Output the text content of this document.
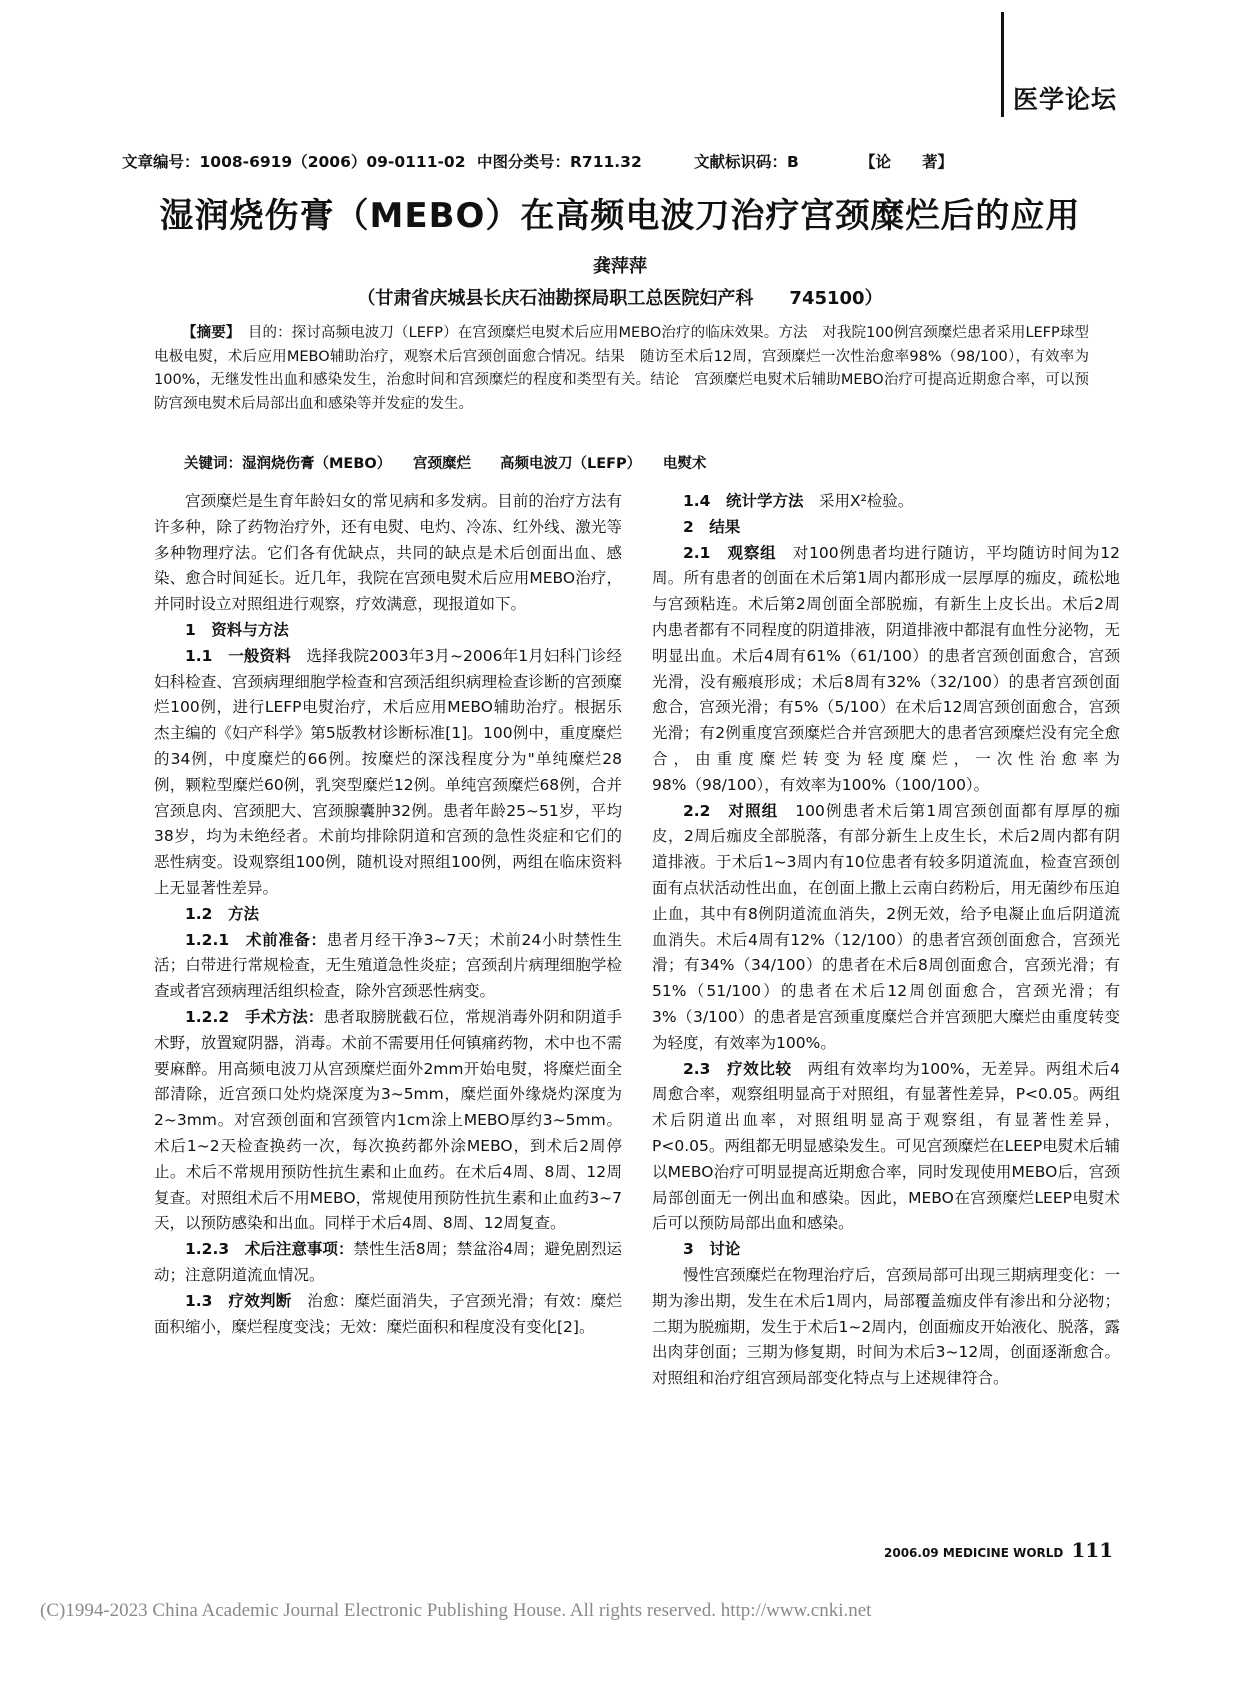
医学论坛
文章编号：1008-6919（2006）09-0111-02 中图分类号：R711.32	文献标识码：B	【论　　著】
湿润烧伤膏（MEBO）在高频电波刀治疗宫颈糜烂后的应用
龚萍萍
（甘肃省庆城县长庆石油勘探局职工总医院妇产科　　745100）

【摘要】　 目的：探讨高频电波刀（LEFP）在宫颈糜烂电熨术后应用MEBO治疗的临床效果。方法　对我院100例宫颈糜烂患者采用LEFP球型电极电熨，术后应用MEBO辅助治疗，观察术后宫颈创面愈合情况。结果　随访至术后12周，宫颈糜烂一次性治愈率98%（98/100），有效率为100%，无继发性出血和感染发生，治愈时间和宫颈糜烂的程度和类型有关。结论　宫颈糜烂电熨术后辅助MEBO治疗可提高近期愈合率，可以预防宫颈电熨术后局部出血和感染等并发症的发生。

关键词：湿润烧伤膏（MEBO）　　宫颈糜烂　　高频电波刀（LEFP）　　电熨术

宫颈糜烂是生育年龄妇女的常见病和多发病。目前的治疗方法有许多种，除了药物治疗外，还有电熨、电灼、冷冻、红外线、激光等多种物理疗法。它们各有优缺点，共同的缺点是术后创面出血、感染、愈合时间延长。近几年，我院在宫颈电熨术后应用MEBO治疗，并同时设立对照组进行观察，疗效满意，现报道如下。

1　资料与方法

1.1　一般资料　选择我院2003年3月~2006年1月妇科门诊经妇科检查、宫颈病理细胞学检查和宫颈活组织病理检查诊断的宫颈糜烂100例，进行LEFP电熨治疗，术后应用MEBO辅助治疗。根据乐杰主编的《妇产科学》第5版教材诊断标准[1]。100例中，重度糜烂的34例，中度糜烂的66例。按糜烂的深浅程度分为"单纯糜烂28例，颗粒型糜烂60例，乳突型糜烂12例。单纯宫颈糜烂68例，合并宫颈息肉、宫颈肥大、宫颈腺囊肿32例。患者年龄25~51岁，平均38岁，均为未绝经者。术前均排除阴道和宫颈的急性炎症和它们的恶性病变。设观察组100例，随机设对照组100例，两组在临床资料上无显著性差异。

1.2　方法

1.2.1　术前准备：患者月经干净3~7天；术前24小时禁性生活；白带进行常规检查，无生殖道急性炎症；宫颈刮片病理细胞学检查或者宫颈病理活组织检查，除外宫颈恶性病变。

1.2.2　手术方法：患者取膀胱截石位，常规消毒外阴和阴道手术野，放置窥阴器，消毒。术前不需要用任何镇痛药物，术中也不需要麻醉。用高频电波刀从宫颈糜烂面外2mm开始电熨，将糜烂面全部清除，近宫颈口处灼烧深度为3~5mm，糜烂面外缘烧灼深度为2~3mm。对宫颈创面和宫颈管内1cm涂上MEBO厚约3~5mm。术后1~2天检查换药一次，每次换药都外涂MEBO，到术后2周停止。术后不常规用预防性抗生素和止血药。在术后4周、8周、12周复查。对照组术后不用MEBO，常规使用预防性抗生素和止血药3~7天，以预防感染和出血。同样于术后4周、8周、12周复查。

1.2.3　术后注意事项：禁性生活8周；禁盆浴4周；避免剧烈运动；注意阴道流血情况。

1.3　疗效判断　治愈：糜烂面消失，子宫颈光滑；有效：糜烂面积缩小，糜烂程度变浅；无效：糜烂面积和程度没有变化[2]。

1.4　统计学方法　采用X²检验。

2　结果

2.1　观察组　对100例患者均进行随访，平均随访时间为12周。所有患者的创面在术后第1周内都形成一层厚厚的痂皮，疏松地与宫颈粘连。术后第2周创面全部脱痂，有新生上皮长出。术后2周内患者都有不同程度的阴道排液，阴道排液中都混有血性分泌物，无明显出血。术后4周有61%（61/100）的患者宫颈创面愈合，宫颈光滑，没有瘢痕形成；术后8周有32%（32/100）的患者宫颈创面愈合，宫颈光滑；有5%（5/100）在术后12周宫颈创面愈合，宫颈光滑；有2例重度宫颈糜烂合并宫颈肥大的患者宫颈糜烂没有完全愈合，由重度糜烂转变为轻度糜烂，一次性治愈率为98%（98/100），有效率为100%（100/100）。

2.2　对照组　100例患者术后第1周宫颈创面都有厚厚的痂皮，2周后痂皮全部脱落，有部分新生上皮生长，术后2周内都有阴道排液。于术后1~3周内有10位患者有较多阴道流血，检查宫颈创面有点状活动性出血，在创面上撒上云南白药粉后，用无菌纱布压迫止血，其中有8例阴道流血消失，2例无效，给予电凝止血后阴道流血消失。术后4周有12%（12/100）的患者宫颈创面愈合，宫颈光滑；有34%（34/100）的患者在术后8周创面愈合，宫颈光滑；有51%（51/100）的患者在术后12周创面愈合，宫颈光滑；有3%（3/100）的患者是宫颈重度糜烂合并宫颈肥大糜烂由重度转变为轻度，有效率为100%。

2.3　疗效比较　两组有效率均为100%，无差异。两组术后4周愈合率，观察组明显高于对照组，有显著性差异，P<0.05。两组术后阴道出血率，对照组明显高于观察组，有显著性差异，P<0.05。两组都无明显感染发生。可见宫颈糜烂在LEEP电熨术后辅以MEBO治疗可明显提高近期愈合率，同时发现使用MEBO后，宫颈局部创面无一例出血和感染。因此，MEBO在宫颈糜烂LEEP电熨术后可以预防局部出血和感染。

3　讨论

慢性宫颈糜烂在物理治疗后，宫颈局部可出现三期病理变化：一期为渗出期，发生在术后1周内，局部覆盖痂皮伴有渗出和分泌物；二期为脱痂期，发生于术后1~2周内，创面痂皮开始液化、脱落，露出肉芽创面；三期为修复期，时间为术后3~12周，创面逐渐愈合。对照组和治疗组宫颈局部变化特点与上述规律符合。

2006.09 MEDICINE WORLD 111
(C)1994-2023 China Academic Journal Electronic Publishing House. All rights reserved. http://www.cnki.net
